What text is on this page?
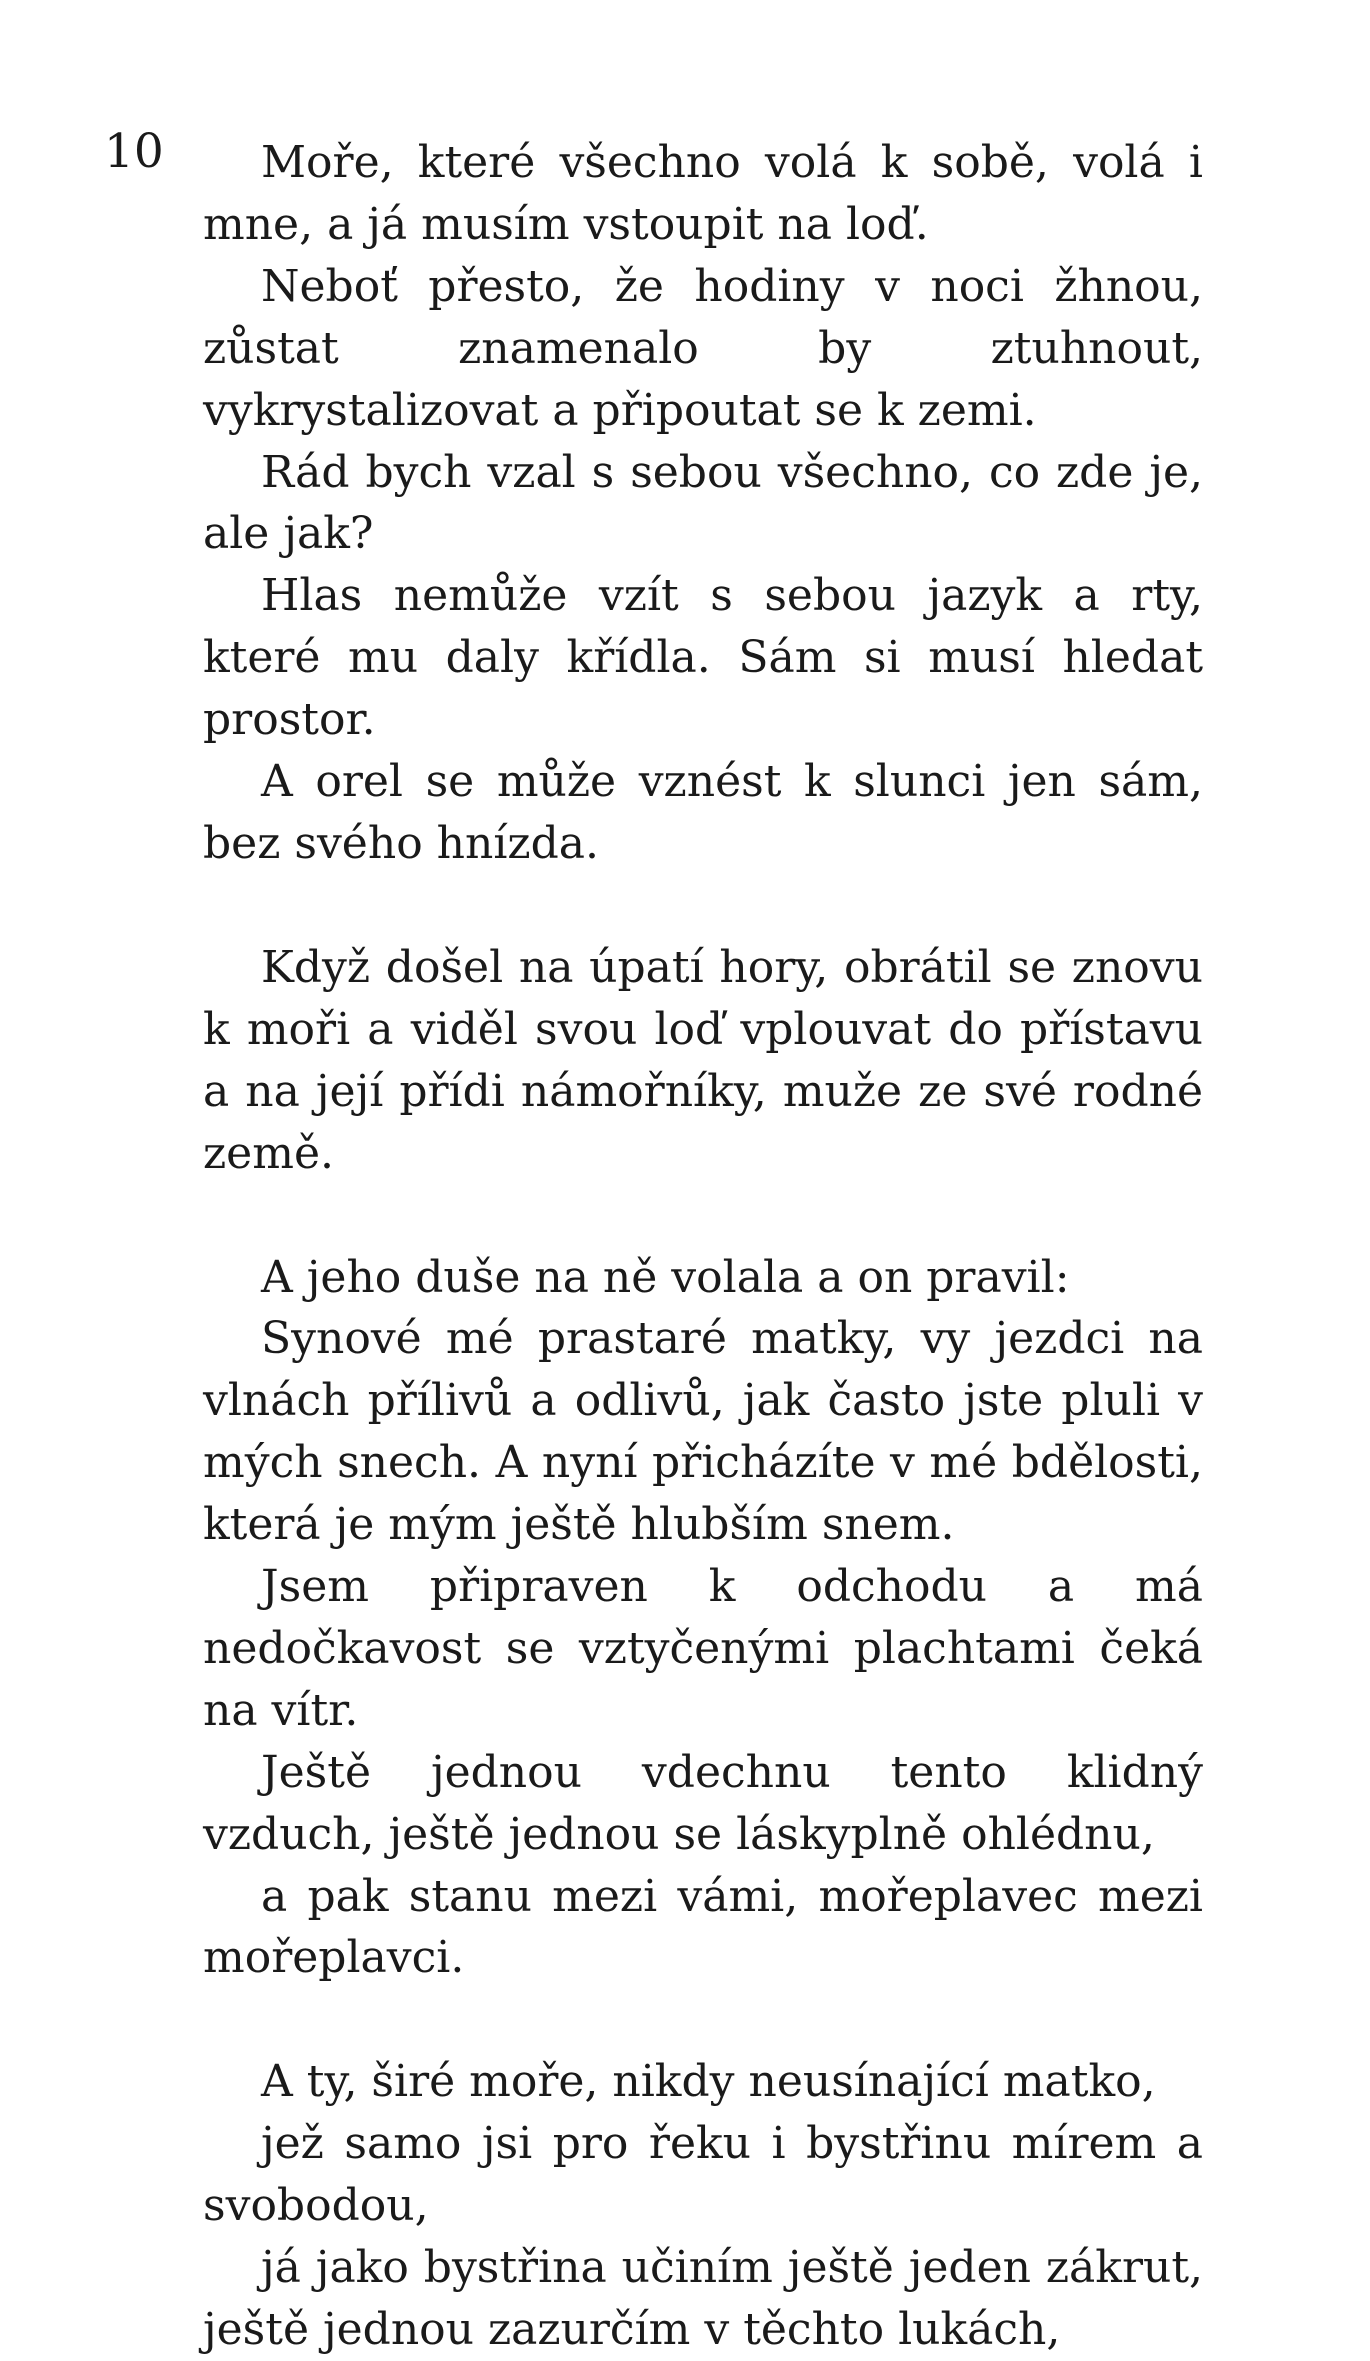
10	Moře, které všechno volá k sobě, volá i mne, a já musím vstoupit na loď.

Neboť přesto, že hodiny v noci žhnou, zůstat znamenalo by ztuhnout, vykrystalizovat a připoutat se k zemi.

Rád bych vzal s sebou všechno, co zde je, ale jak?

Hlas nemůže vzít s sebou jazyk a rty, které mu daly křídla. Sám si musí hledat prostor.

A orel se může vznést k slunci jen sám, bez svého hnízda.

Když došel na úpatí hory, obrátil se znovu k moři a viděl svou loď vplouvat do přístavu a na její přídi námořníky, muže ze své rodné země.

A jeho duše na ně volala a on pravil:

Synové mé prastaré matky, vy jezdci na vlnách přílivů a odlivů, jak často jste pluli v mých snech. A nyní přicházíte v mé bdělosti, která je mým ještě hlubším snem.

Jsem připraven k odchodu a má nedočkavost se vztyčenými plachtami čeká na vítr.

Ještě jednou vdechnu tento klidný vzduch, ještě jednou se láskyplně ohlédnu,

a pak stanu mezi vámi, mořeplavec mezi mořeplavci.

A ty, širé moře, nikdy neusínající matko,

jež samo jsi pro řeku i bystřinu mírem a svobodou,

já jako bystřina učiním ještě jeden zákrut, ještě jednou zazurčím v těchto lukách,
